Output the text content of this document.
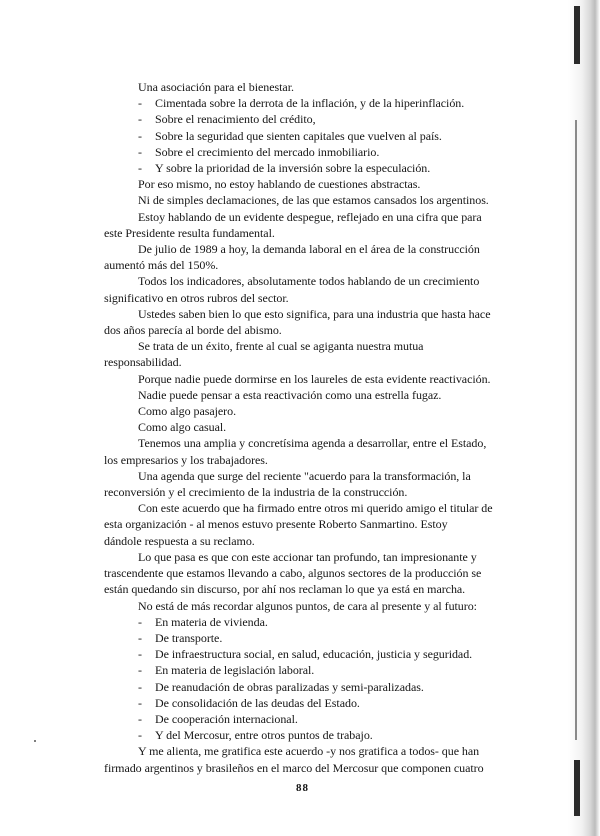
Una asociación para el bienestar.

- Cimentada sobre la derrota de la inflación, y de la hiperinflación.

- Sobre el renacimiento del crédito,

- Sobre la seguridad que sienten capitales que vuelven al país.

- Sobre el crecimiento del mercado inmobiliario.

- Y sobre la prioridad de la inversión sobre la especulación.

Por eso mismo, no estoy hablando de cuestiones abstractas.

Ni de simples declamaciones, de las que estamos cansados los argentinos.

Estoy hablando de un evidente despegue, reflejado en una cifra que para

este Presidente resulta fundamental.

De julio de 1989 a hoy, la demanda laboral en el área de la construcción

aumentó más del 150%.

Todos los indicadores, absolutamente todos hablando de un crecimiento

significativo en otros rubros del sector.

Ustedes saben bien lo que esto significa, para una industria que hasta hace

dos años parecía al borde del abismo.

Se trata de un éxito, frente al cual se agiganta nuestra mutua

responsabilidad.

Porque nadie puede dormirse en los laureles de esta evidente reactivación.

Nadie puede pensar a esta reactivación como una estrella fugaz.

Como algo pasajero.

Como algo casual.

Tenemos una amplia y concretísima agenda a desarrollar, entre el Estado,

los empresarios y los trabajadores.

Una agenda que surge del reciente "acuerdo para la transformación, la

reconversión y el crecimiento de la industria de la construcción.

Con este acuerdo que ha firmado entre otros mi querido amigo el titular de

esta organización - al menos estuvo presente Roberto Sanmartino. Estoy

dándole respuesta a su reclamo.

Lo que pasa es que con este accionar tan profundo, tan impresionante y

trascendente que estamos llevando a cabo, algunos sectores de la producción se

están quedando sin discurso, por ahí nos reclaman lo que ya está en marcha.

No está de más recordar algunos puntos, de cara al presente y al futuro:

- En materia de vivienda.

- De transporte.

- De infraestructura social, en salud, educación, justicia y seguridad.

- En materia de legislación laboral.

- De reanudación de obras paralizadas y semi-paralizadas.

- De consolidación de las deudas del Estado.

- De cooperación internacional.

- Y del Mercosur, entre otros puntos de trabajo.

Y me alienta, me gratifica este acuerdo -y nos gratifica a todos- que han

firmado argentinos y brasileños en el marco del Mercosur que componen cuatro

88
